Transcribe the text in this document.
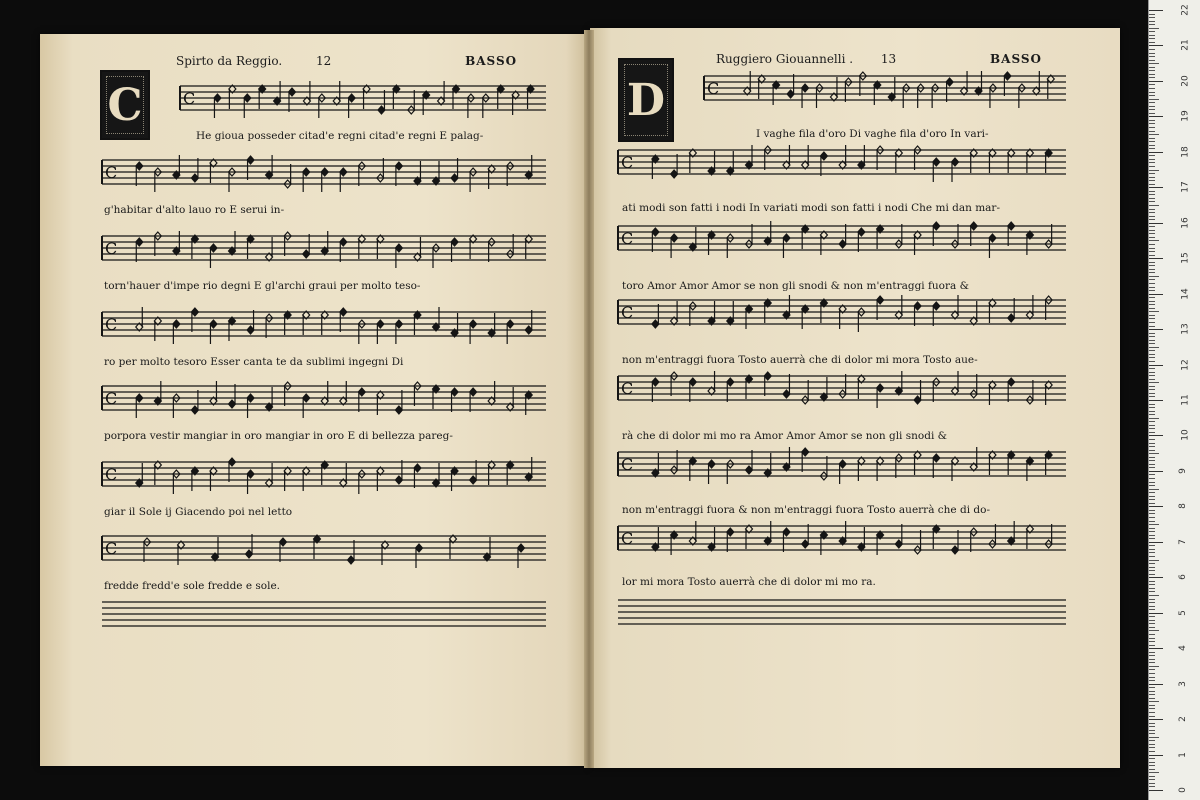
Spirto da Reggio.	12	BASSO
C
Ruggiero Giouannelli . 13	BASSO
D
C
C
C
C
C
C
C
C
C
C
C
C
C
C
He giouа posseder citad'e regni citad'e regni E palag-
g'habitar d'alto lauo ro E serui in-
torn'hauer d'impe rio degni E gl'archi graui per molto teso-
ro per molto tesoro Esser canta te da sublimi ingegni Di
porpora vestir mangiar in oro mangiar in oro E di bellezza pareg-
giar il Sole ij Giacendo poi nel letto
fredde fredd'e sole fredde e sole.
I vaghe fila d'oro Di vaghe fila d'oro In vari-
ati modi son fatti i nodi In variati modi son fatti i nodi Che mi dan mar-
toro Amor Amor Amor se non gli snodi & non m'entraggi fuora &
non m'entraggi fuora Tosto auerrà che di dolor mi mora Tosto aue-
rà che di dolor mi mo ra Amor Amor Amor se non gli snodi &
non m'entraggi fuora & non m'entraggi fuora Tosto auerrà che di do-
lor mi mora Tosto auerrà che di dolor mi mo ra.
22
21
20
19
18
17
16
15
14
13
12
11
10
9
8
7
6
5
4
3
2
1
0
